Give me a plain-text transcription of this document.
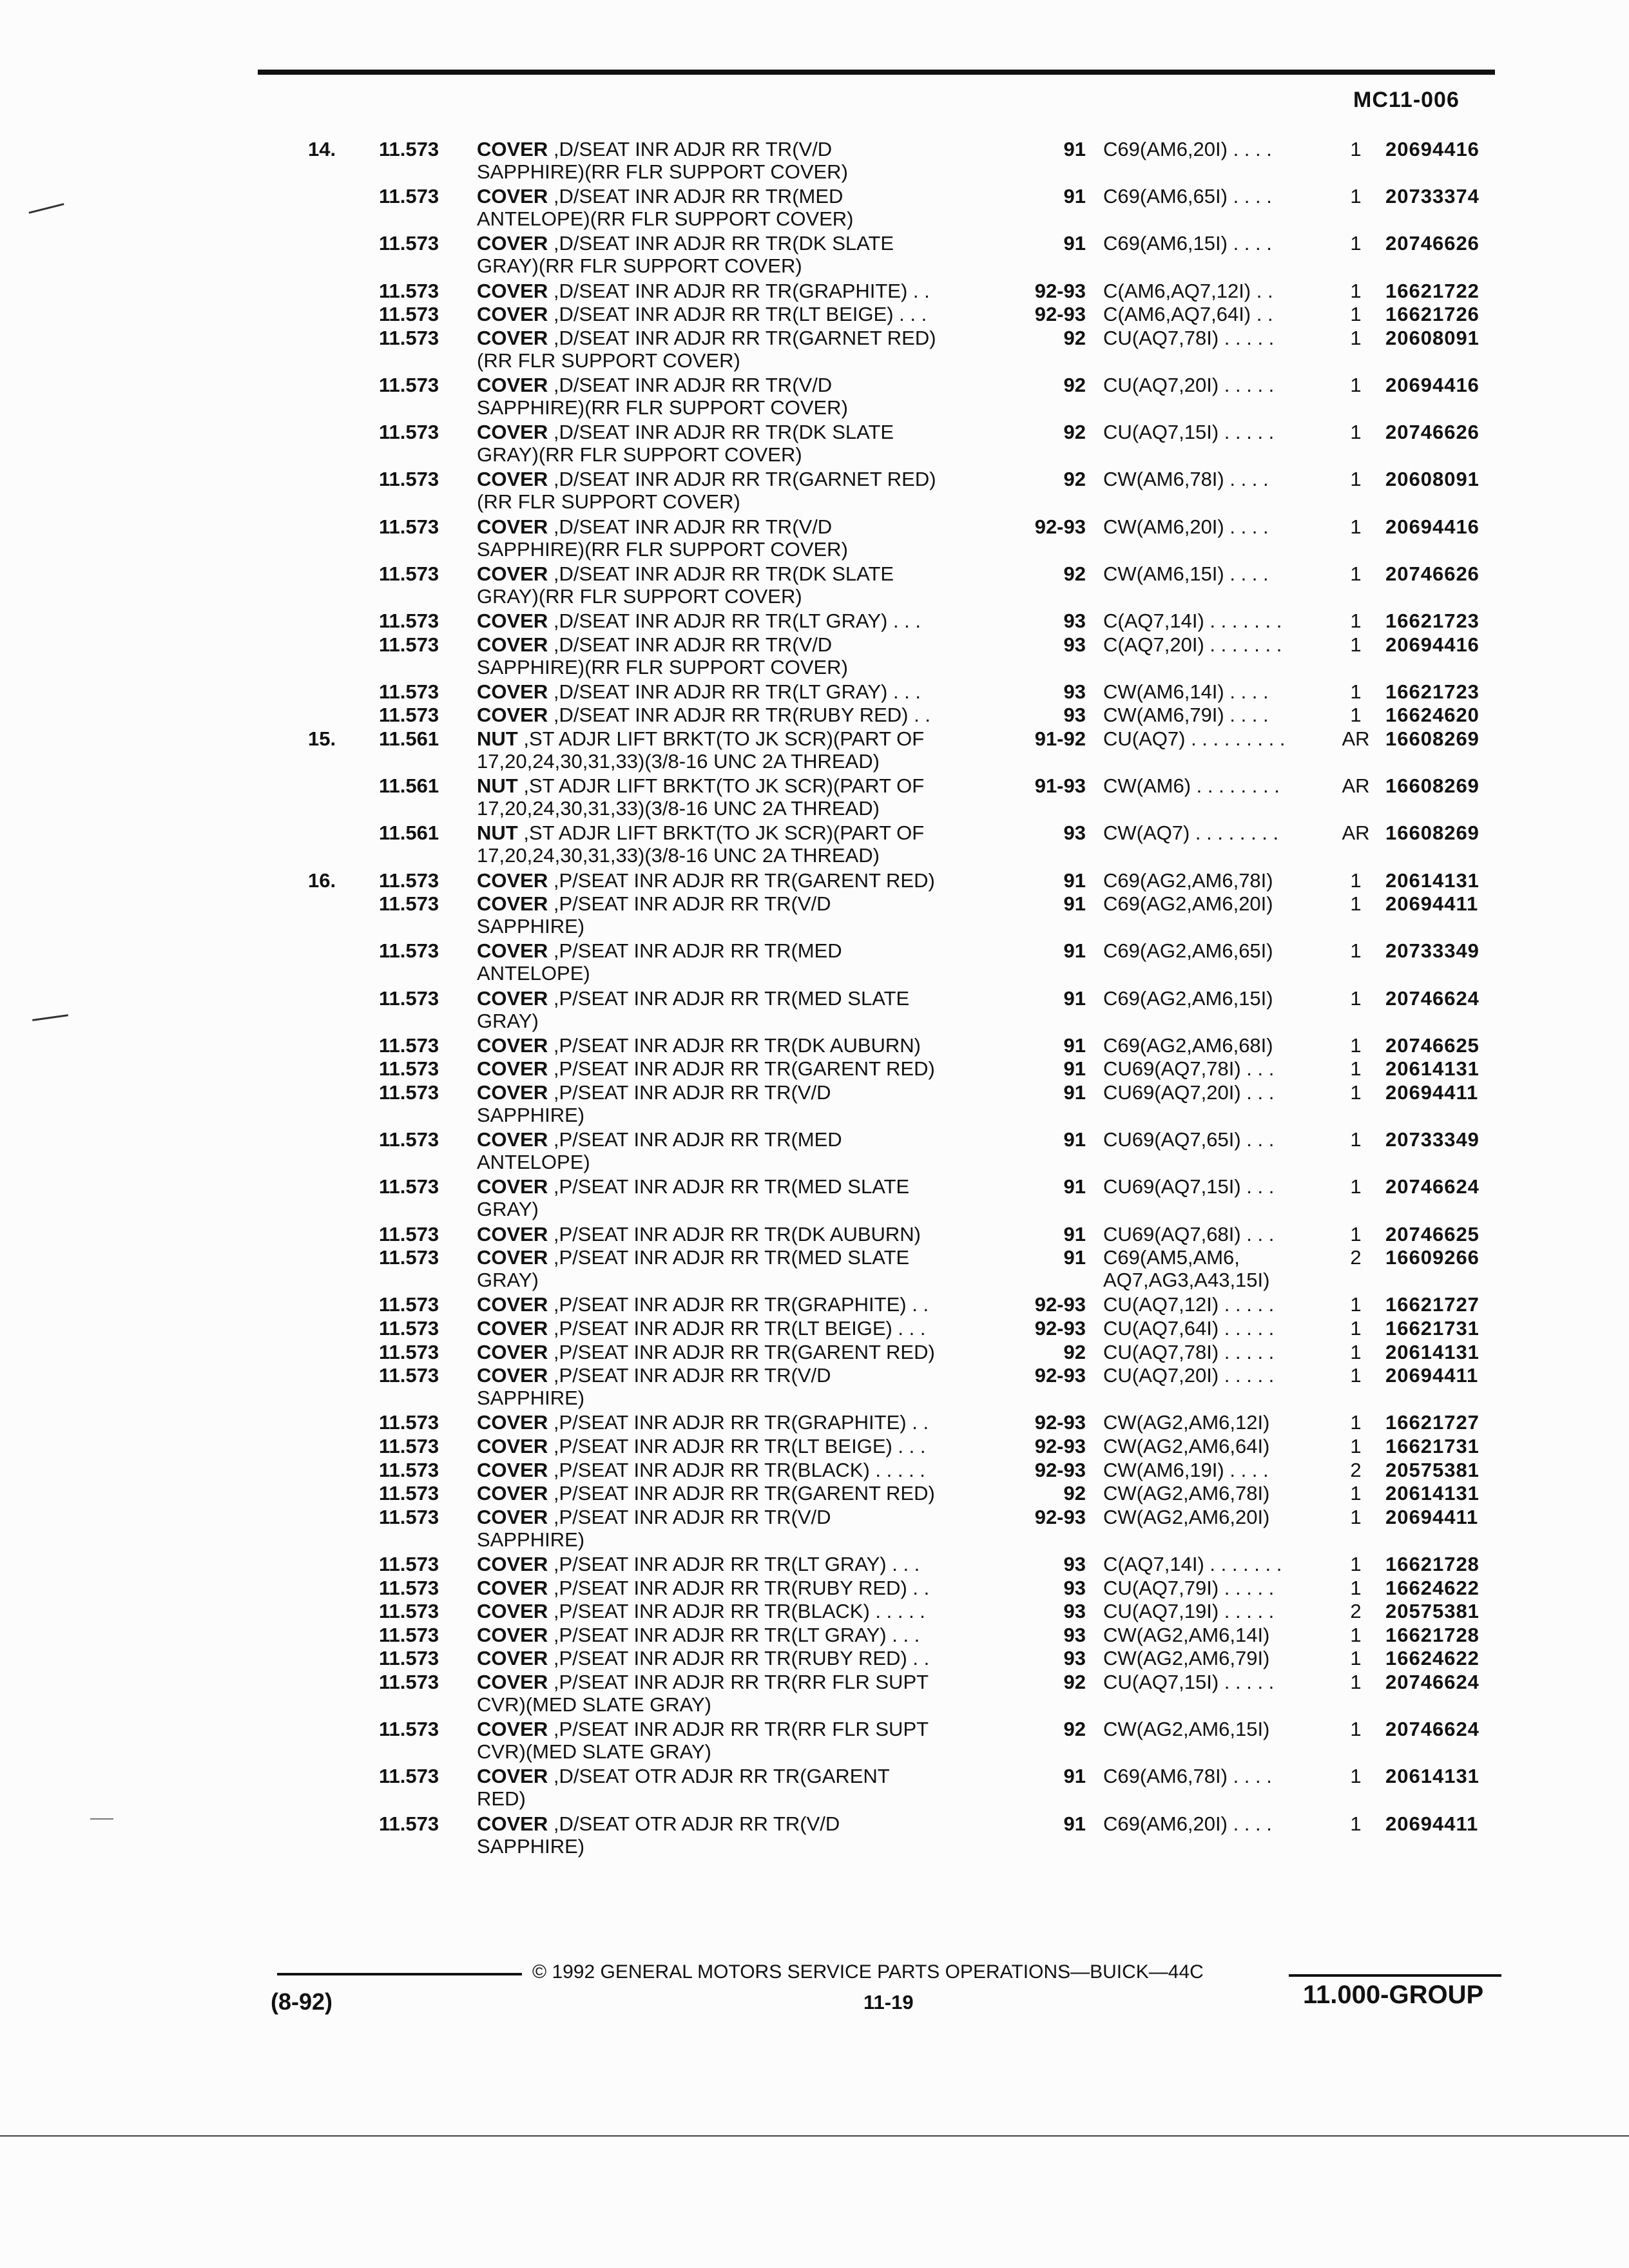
MC11-006
14. 11.573 COVER ,D/SEAT INR ADJR RR TR(V/D
SAPPHIRE)(RR FLR SUPPORT COVER)
91 C69(AM6,20I) . . . .	1	20694416
11.573 COVER ,D/SEAT INR ADJR RR TR(MED
ANTELOPE)(RR FLR SUPPORT COVER)
91 C69(AM6,65I) . . . .	1	20733374
11.573 COVER ,D/SEAT INR ADJR RR TR(DK SLATE
GRAY)(RR FLR SUPPORT COVER)
91 C69(AM6,15I) . . . .	1	20746626
11.573 COVER ,D/SEAT INR ADJR RR TR(GRAPHITE) . .	92-93 C(AM6,AQ7,12I) . .	1	16621722
11.573 COVER ,D/SEAT INR ADJR RR TR(LT BEIGE) . . .	92-93 C(AM6,AQ7,64I) . .	1	16621726
11.573 COVER ,D/SEAT INR ADJR RR TR(GARNET RED)
(RR FLR SUPPORT COVER)
92 CU(AQ7,78I) . . . . .	1	20608091
11.573 COVER ,D/SEAT INR ADJR RR TR(V/D
SAPPHIRE)(RR FLR SUPPORT COVER)
92 CU(AQ7,20I) . . . . .	1	20694416
11.573 COVER ,D/SEAT INR ADJR RR TR(DK SLATE
GRAY)(RR FLR SUPPORT COVER)
92 CU(AQ7,15I) . . . . .	1	20746626
11.573 COVER ,D/SEAT INR ADJR RR TR(GARNET RED)
(RR FLR SUPPORT COVER)
92 CW(AM6,78I) . . . .	1	20608091
11.573 COVER ,D/SEAT INR ADJR RR TR(V/D
SAPPHIRE)(RR FLR SUPPORT COVER)
92-93 CW(AM6,20I) . . . .	1	20694416
11.573 COVER ,D/SEAT INR ADJR RR TR(DK SLATE
GRAY)(RR FLR SUPPORT COVER)
92 CW(AM6,15I) . . . .	1	20746626
11.573 COVER ,D/SEAT INR ADJR RR TR(LT GRAY) . . .	93 C(AQ7,14I) . . . . . . .	1	16621723
11.573 COVER ,D/SEAT INR ADJR RR TR(V/D
SAPPHIRE)(RR FLR SUPPORT COVER)
93 C(AQ7,20I) . . . . . . .	1	20694416
11.573 COVER ,D/SEAT INR ADJR RR TR(LT GRAY) . . .	93 CW(AM6,14I) . . . .	1	16621723
11.573 COVER ,D/SEAT INR ADJR RR TR(RUBY RED) . .	93 CW(AM6,79I) . . . .	1	16624620
15. 11.561 NUT ,ST ADJR LIFT BRKT(TO JK SCR)(PART OF
17,20,24,30,31,33)(3/8-16 UNC 2A THREAD)
91-92 CU(AQ7) . . . . . . . . .	AR 16608269
11.561 NUT ,ST ADJR LIFT BRKT(TO JK SCR)(PART OF
17,20,24,30,31,33)(3/8-16 UNC 2A THREAD)
91-93 CW(AM6) . . . . . . . .	AR 16608269
11.561 NUT ,ST ADJR LIFT BRKT(TO JK SCR)(PART OF
17,20,24,30,31,33)(3/8-16 UNC 2A THREAD)
93 CW(AQ7) . . . . . . . .	AR 16608269
16. 11.573 COVER ,P/SEAT INR ADJR RR TR(GARENT RED)	91 C69(AG2,AM6,78I)	1	20614131
11.573 COVER ,P/SEAT INR ADJR RR TR(V/D
SAPPHIRE)
91 C69(AG2,AM6,20I)	1	20694411
11.573 COVER ,P/SEAT INR ADJR RR TR(MED
ANTELOPE)
91 C69(AG2,AM6,65I)	1	20733349
11.573 COVER ,P/SEAT INR ADJR RR TR(MED SLATE
GRAY)
91 C69(AG2,AM6,15I)	1	20746624
11.573 COVER ,P/SEAT INR ADJR RR TR(DK AUBURN)	91 C69(AG2,AM6,68I)	1	20746625
11.573 COVER ,P/SEAT INR ADJR RR TR(GARENT RED)	91 CU69(AQ7,78I) . . .	1	20614131
11.573 COVER ,P/SEAT INR ADJR RR TR(V/D
SAPPHIRE)
91 CU69(AQ7,20I) . . .	1	20694411
11.573 COVER ,P/SEAT INR ADJR RR TR(MED
ANTELOPE)
91 CU69(AQ7,65I) . . .	1	20733349
11.573 COVER ,P/SEAT INR ADJR RR TR(MED SLATE
GRAY)
91 CU69(AQ7,15I) . . .	1	20746624
11.573 COVER ,P/SEAT INR ADJR RR TR(DK AUBURN)	91 CU69(AQ7,68I) . . .	1	20746625
11.573 COVER ,P/SEAT INR ADJR RR TR(MED SLATE
GRAY)
91 C69(AM5,AM6,
AQ7,AG3,A43,15I)
2	16609266
11.573 COVER ,P/SEAT INR ADJR RR TR(GRAPHITE) . .	92-93 CU(AQ7,12I) . . . . .	1	16621727
11.573 COVER ,P/SEAT INR ADJR RR TR(LT BEIGE) . . .	92-93 CU(AQ7,64I) . . . . .	1	16621731
11.573 COVER ,P/SEAT INR ADJR RR TR(GARENT RED)	92 CU(AQ7,78I) . . . . .	1	20614131
11.573 COVER ,P/SEAT INR ADJR RR TR(V/D
SAPPHIRE)
92-93 CU(AQ7,20I) . . . . .	1	20694411
11.573 COVER ,P/SEAT INR ADJR RR TR(GRAPHITE) . .	92-93 CW(AG2,AM6,12I)	1	16621727
11.573 COVER ,P/SEAT INR ADJR RR TR(LT BEIGE) . . .	92-93 CW(AG2,AM6,64I)	1	16621731
11.573 COVER ,P/SEAT INR ADJR RR TR(BLACK) . . . . .	92-93 CW(AM6,19I) . . . .	2	20575381
11.573 COVER ,P/SEAT INR ADJR RR TR(GARENT RED)	92 CW(AG2,AM6,78I)	1	20614131
11.573 COVER ,P/SEAT INR ADJR RR TR(V/D
SAPPHIRE)
92-93 CW(AG2,AM6,20I)	1	20694411
11.573 COVER ,P/SEAT INR ADJR RR TR(LT GRAY) . . .	93 C(AQ7,14I) . . . . . . .	1	16621728
11.573 COVER ,P/SEAT INR ADJR RR TR(RUBY RED) . .	93 CU(AQ7,79I) . . . . .	1	16624622
11.573 COVER ,P/SEAT INR ADJR RR TR(BLACK) . . . . .	93 CU(AQ7,19I) . . . . .	2	20575381
11.573 COVER ,P/SEAT INR ADJR RR TR(LT GRAY) . . .	93 CW(AG2,AM6,14I)	1	16621728
11.573 COVER ,P/SEAT INR ADJR RR TR(RUBY RED) . .	93 CW(AG2,AM6,79I)	1	16624622
11.573 COVER ,P/SEAT INR ADJR RR TR(RR FLR SUPT
CVR)(MED SLATE GRAY)
92 CU(AQ7,15I) . . . . .	1	20746624
11.573 COVER ,P/SEAT INR ADJR RR TR(RR FLR SUPT
CVR)(MED SLATE GRAY)
92 CW(AG2,AM6,15I)	1	20746624
11.573 COVER ,D/SEAT OTR ADJR RR TR(GARENT
RED)
91 C69(AM6,78I) . . . .	1	20614131
11.573 COVER ,D/SEAT OTR ADJR RR TR(V/D
SAPPHIRE)
91 C69(AM6,20I) . . . .	1	20694411
© 1992 GENERAL MOTORS SERVICE PARTS OPERATIONS—BUICK—44C
(8-92)	11-19	11.000-GROUP
